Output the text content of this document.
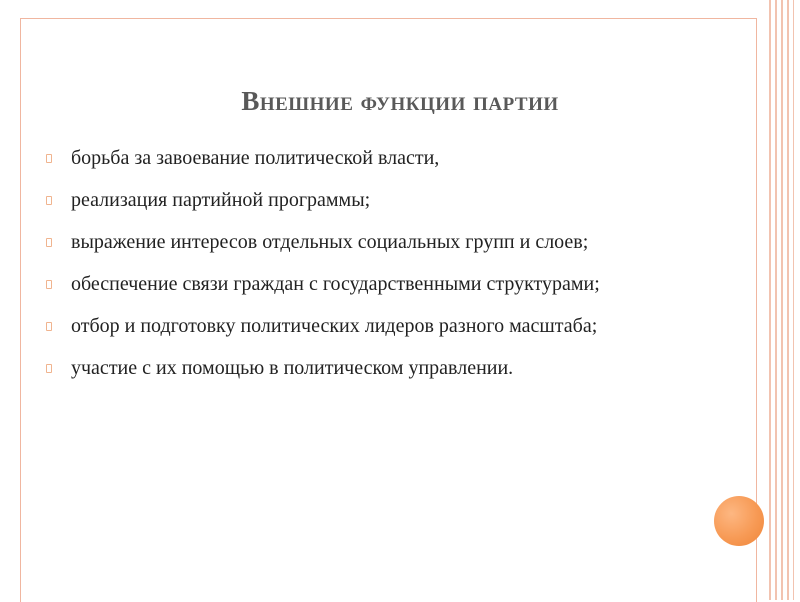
Внешние функции партии
борьба за завоевание политической власти,
реализация партийной программы;
выражение интересов отдельных социальных групп и слоев;
обеспечение связи граждан с государственными структурами;
отбор и подготовку политических лидеров разного масштаба;
участие с их помощью в политическом управлении.
